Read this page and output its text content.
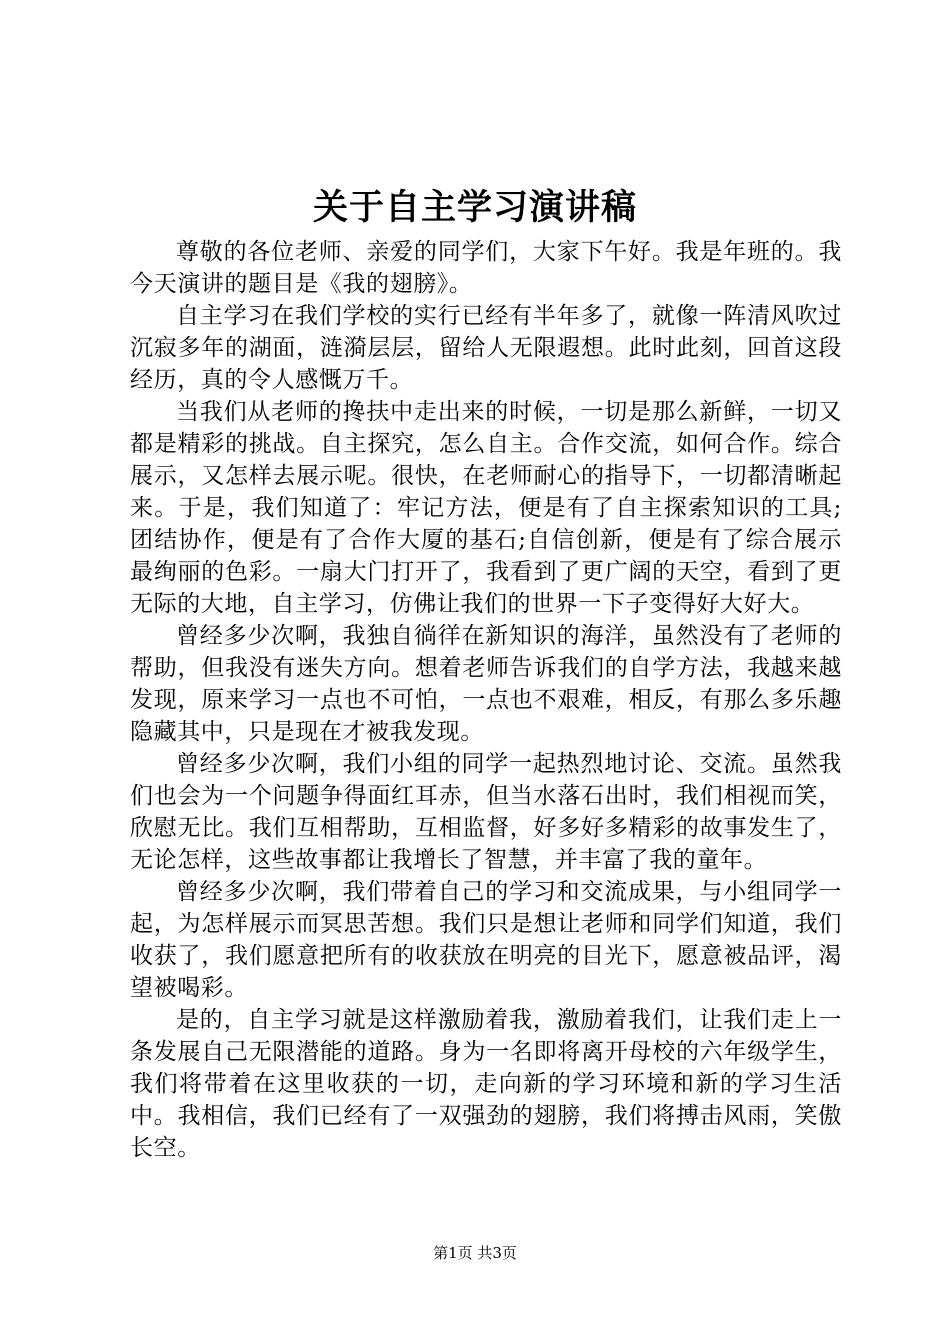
关于自主学习演讲稿

尊敬的各位老师、亲爱的同学们，大家下午好。我是年班的。我今天演讲的题目是《我的翅膀》。

自主学习在我们学校的实行已经有半年多了，就像一阵清风吹过沉寂多年的湖面，涟漪层层，留给人无限遐想。此时此刻，回首这段经历，真的令人感慨万千。

当我们从老师的搀扶中走出来的时候，一切是那么新鲜，一切又都是精彩的挑战。自主探究，怎么自主。合作交流，如何合作。综合展示，又怎样去展示呢。很快，在老师耐心的指导下，一切都清晰起来。于是，我们知道了：牢记方法，便是有了自主探索知识的工具;团结协作，便是有了合作大厦的基石;自信创新，便是有了综合展示最绚丽的色彩。一扇大门打开了，我看到了更广阔的天空，看到了更无际的大地，自主学习，仿佛让我们的世界一下子变得好大好大。

曾经多少次啊，我独自徜徉在新知识的海洋，虽然没有了老师的帮助，但我没有迷失方向。想着老师告诉我们的自学方法，我越来越发现，原来学习一点也不可怕，一点也不艰难，相反，有那么多乐趣隐藏其中，只是现在才被我发现。

曾经多少次啊，我们小组的同学一起热烈地讨论、交流。虽然我们也会为一个问题争得面红耳赤，但当水落石出时，我们相视而笑，欣慰无比。我们互相帮助，互相监督，好多好多精彩的故事发生了，无论怎样，这些故事都让我增长了智慧，并丰富了我的童年。

曾经多少次啊，我们带着自己的学习和交流成果，与小组同学一起，为怎样展示而冥思苦想。我们只是想让老师和同学们知道，我们收获了，我们愿意把所有的收获放在明亮的目光下，愿意被品评，渴望被喝彩。

是的，自主学习就是这样激励着我，激励着我们，让我们走上一条发展自己无限潜能的道路。身为一名即将离开母校的六年级学生，我们将带着在这里收获的一切，走向新的学习环境和新的学习生活中。我相信，我们已经有了一双强劲的翅膀，我们将搏击风雨，笑傲长空。

第1页 共3页
